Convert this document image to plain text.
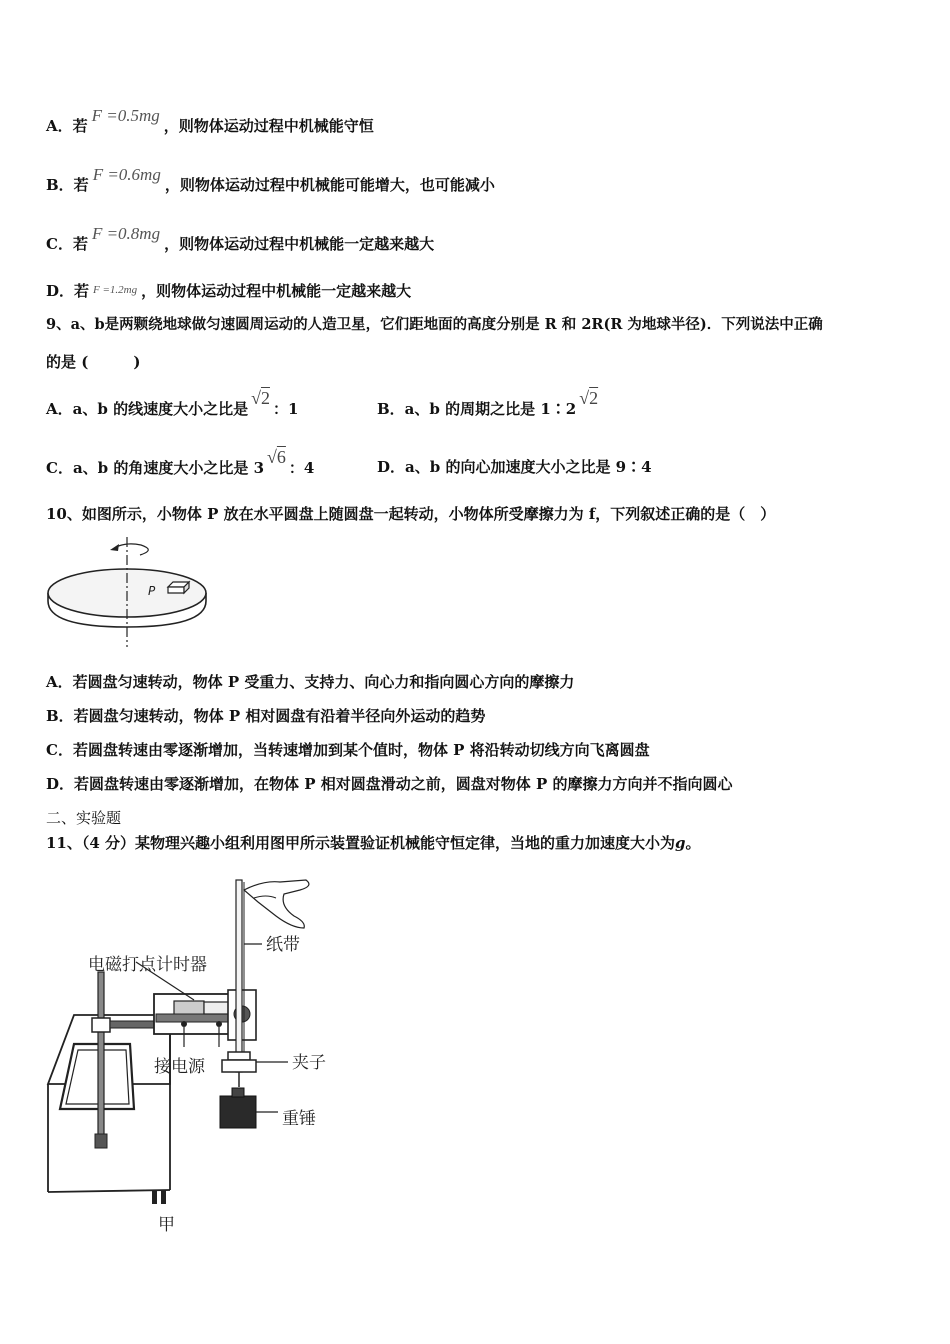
A．若F =0.5mg，则物体运动过程中机械能守恒
B．若F =0.6mg，则物体运动过程中机械能可能增大，也可能减小
C．若F =0.8mg，则物体运动过程中机械能一定越来越大
D．若 $^{F =1.2mg}$ ，则物体运动过程中机械能一定越来越大
9、a、b是两颗绕地球做匀速圆周运动的人造卫星，它们距地面的高度分别是 R 和 2R(R 为地球半径)．下列说法中正确
的是 (　　　)
A．a、b 的线速度大小之比是√2：1	B．a、b 的周期之比是 1∶2√2
C．a、b 的角速度大小之比是 3√6：4	D．a、b 的向心加速度大小之比是 9∶4
10、如图所示，小物体 P 放在水平圆盘上随圆盘一起转动，小物体所受摩擦力为 f，下列叙述正确的是（　）
P
A．若圆盘匀速转动，物体 P 受重力、支持力、向心力和指向圆心方向的摩擦力
B．若圆盘匀速转动，物体 P 相对圆盘有沿着半径向外运动的趋势
C．若圆盘转速由零逐渐增加，当转速增加到某个值时，物体 P 将沿转动切线方向飞离圆盘
D．若圆盘转速由零逐渐增加，在物体 P 相对圆盘滑动之前，圆盘对物体 P 的摩擦力方向并不指向圆心
二、实验题
11、（4 分）某物理兴趣小组利用图甲所示装置验证机械能守恒定律，当地的重力加速度大小为g。
电磁打点计时器
纸带
接电源	夹子
重锤
甲
